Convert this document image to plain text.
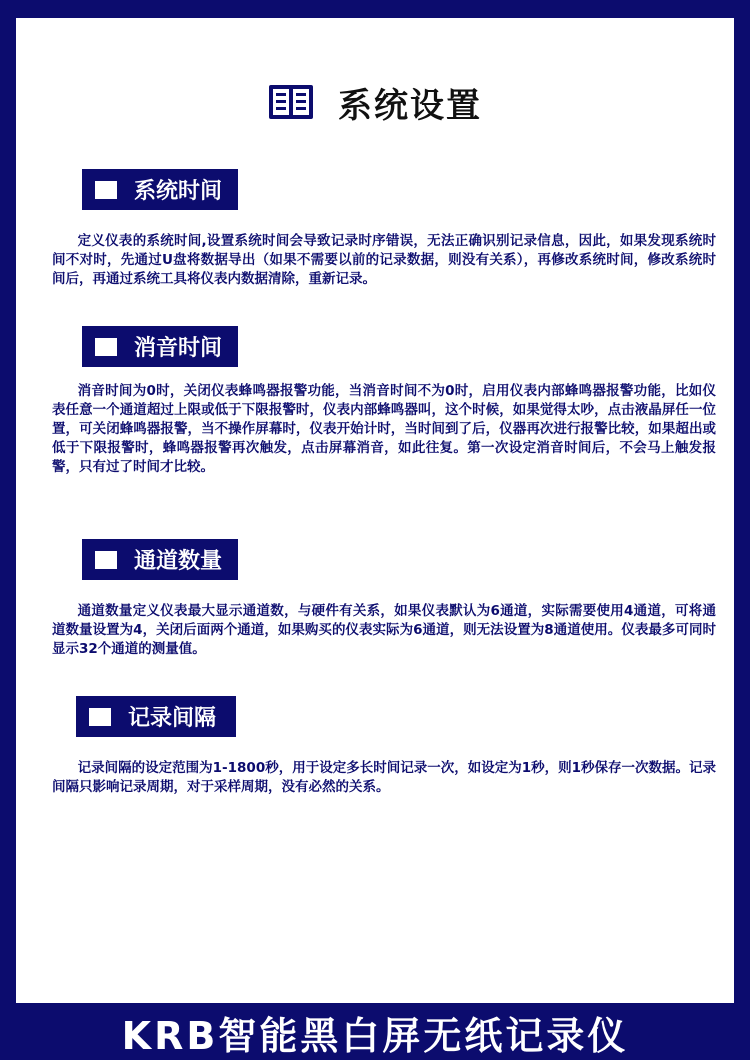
系统设置
系统时间

定义仪表的系统时间,设置系统时间会导致记录时序错误，无法正确识别记录信息，因此，如果发现系统时间不对时，先通过U盘将数据导出（如果不需要以前的记录数据，则没有关系），再修改系统时间，修改系统时间后，再通过系统工具将仪表内数据清除，重新记录。

消音时间

消音时间为0时，关闭仪表蜂鸣器报警功能，当消音时间不为0时，启用仪表内部蜂鸣器报警功能，比如仪表任意一个通道超过上限或低于下限报警时，仪表内部蜂鸣器叫，这个时候，如果觉得太吵，点击液晶屏任一位置，可关闭蜂鸣器报警，当不操作屏幕时，仪表开始计时，当时间到了后，仪器再次进行报警比较，如果超出或低于下限报警时，蜂鸣器报警再次触发，点击屏幕消音，如此往复。第一次设定消音时间后，不会马上触发报警，只有过了时间才比较。

通道数量

通道数量定义仪表最大显示通道数，与硬件有关系，如果仪表默认为6通道，实际需要使用4通道，可将通道数量设置为4，关闭后面两个通道，如果购买的仪表实际为6通道，则无法设置为8通道使用。仪表最多可同时显示32个通道的测量值。

记录间隔

记录间隔的设定范围为1-1800秒，用于设定多长时间记录一次，如设定为1秒，则1秒保存一次数据。记录间隔只影响记录周期，对于采样周期，没有必然的关系。

KRB智能黑白屏无纸记录仪
